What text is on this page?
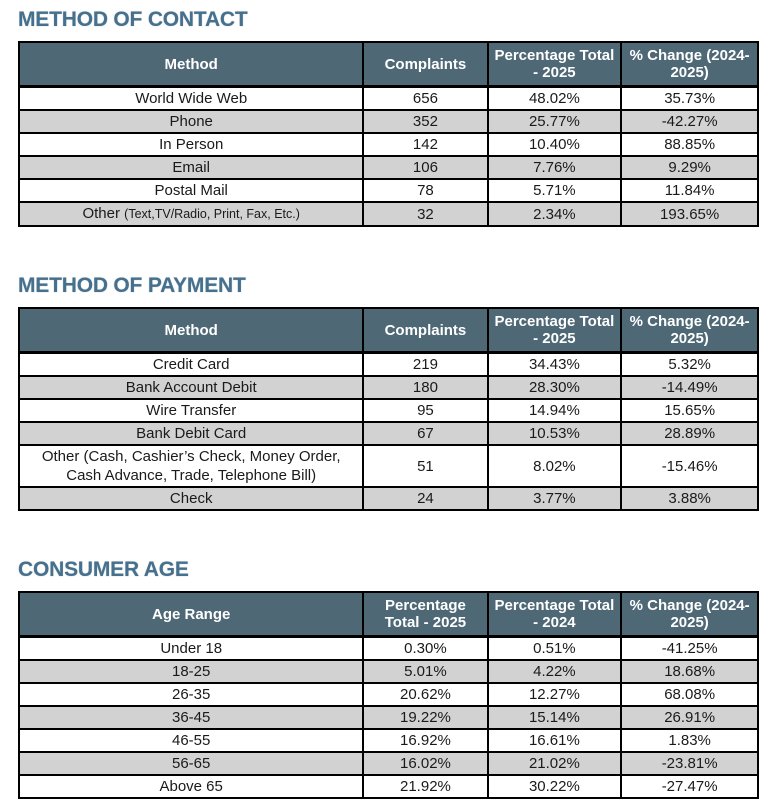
METHOD OF CONTACT
Method	Complaints	Percentage Total - 2025	% Change (2024-2025)
World Wide Web	656	48.02%	35.73%
Phone	352	25.77%	-42.27%
In Person	142	10.40%	88.85%
Email	106	7.76%	9.29%
Postal Mail	78	5.71%	11.84%
Other (Text,TV/Radio, Print, Fax, Etc.)	32	2.34%	193.65%
METHOD OF PAYMENT
Method	Complaints	Percentage Total - 2025	% Change (2024-2025)
Credit Card	219	34.43%	5.32%
Bank Account Debit	180	28.30%	-14.49%
Wire Transfer	95	14.94%	15.65%
Bank Debit Card	67	10.53%	28.89%
Other (Cash, Cashier’s Check, Money Order, Cash Advance, Trade, Telephone Bill)	51	8.02%	-15.46%
Check	24	3.77%	3.88%
CONSUMER AGE
Age Range	Percentage Total - 2025	Percentage Total - 2024	% Change (2024-2025)
Under 18	0.30%	0.51%	-41.25%
18-25	5.01%	4.22%	18.68%
26-35	20.62%	12.27%	68.08%
36-45	19.22%	15.14%	26.91%
46-55	16.92%	16.61%	1.83%
56-65	16.02%	21.02%	-23.81%
Above 65	21.92%	30.22%	-27.47%
